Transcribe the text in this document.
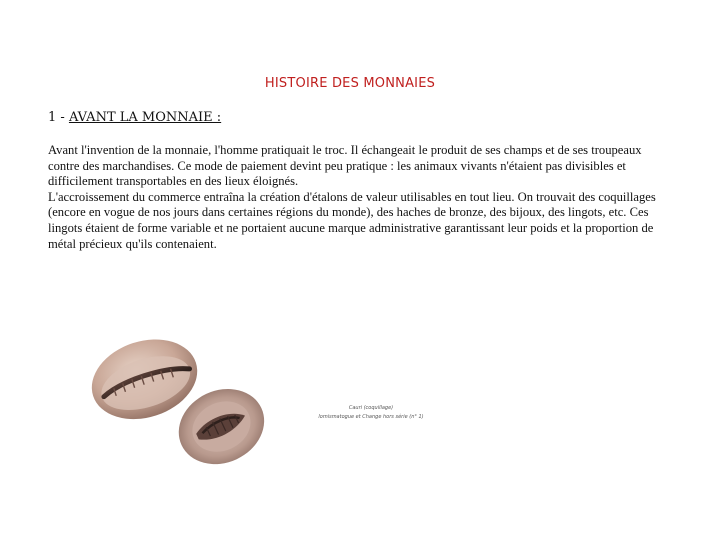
HISTOIRE DES MONNAIES
1 - AVANT LA MONNAIE :

Avant l'invention de la monnaie, l'homme pratiquait le troc. Il échangeait le produit de ses champs et de ses troupeaux contre des marchandises. Ce mode de paiement devint peu pratique : les animaux vivants n'étaient pas divisibles et difficilement transportables en des lieux éloignés.

L'accroissement du commerce entraîna la création d'étalons de valeur utilisables en tout lieu. On trouvait des coquillages (encore en vogue de nos jours dans certaines régions du monde), des haches de bronze, des bijoux, des lingots, etc. Ces lingots étaient de forme variable et ne portaient aucune marque administrative garantissant leur poids et la proportion de métal précieux qu'ils contenaient.

Cauri (coquillage)
lomismatogue et Change hors série (n° 1)
